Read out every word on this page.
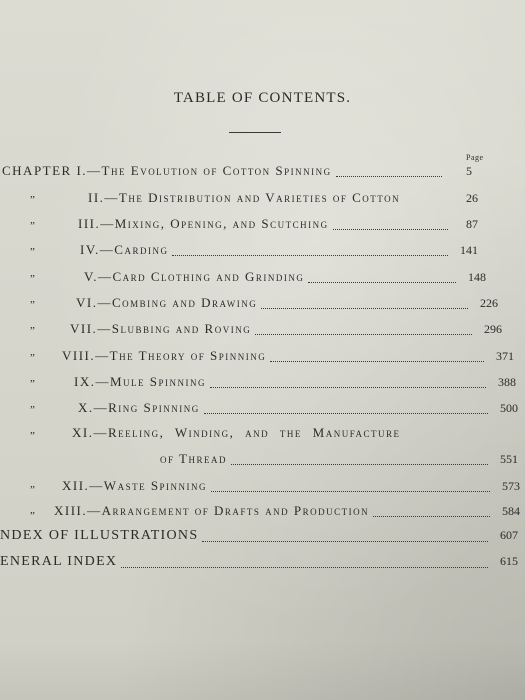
TABLE OF CONTENTS.
Page
CHAPTER I.—The Evolution of Cotton Spinning	5
”	II.—The Distribution and Varieties of Cotton	26
”	III.—Mixing, Opening, and Scutching	87
”	IV.—Carding	141
”	V.—Card Clothing and Grinding	148
”	VI.—Combing and Drawing	226
”	VII.—Slubbing and Roving	296
” VIII.—The Theory of Spinning	371
”	IX.—Mule Spinning	388
”	X.—Ring Spinning	500
”	XI.—Reeling, Winding, and the Manufacture
of Thread	551
” XII.—Waste Spinning	573
” XIII.—Arrangement of Drafts and Production	584
NDEX OF ILLUSTRATIONS	607
ENERAL INDEX	615
